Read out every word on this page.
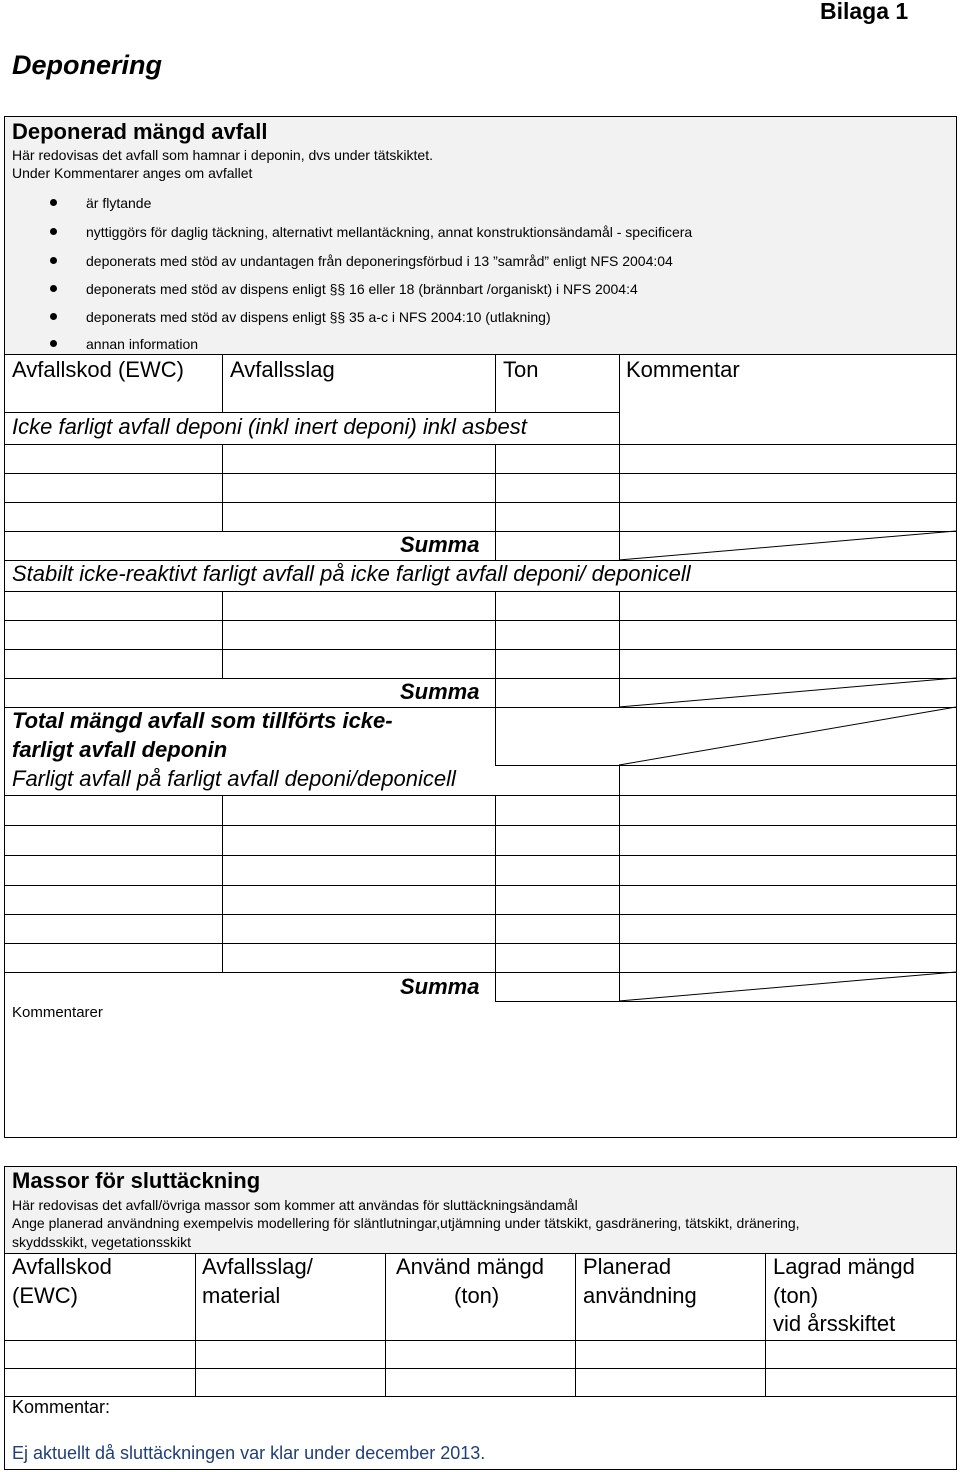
Bilaga 1
Deponering
Deponerad mängd avfall
Här redovisas det avfall som hamnar i deponin, dvs under tätskiktet.
Under Kommentarer anges om avfallet
är flytande
nyttiggörs för daglig täckning, alternativt mellantäckning, annat konstruktionsändamål - specificera
deponerats med stöd av undantagen från deponeringsförbud i 13 ”samråd” enligt NFS 2004:04
deponerats med stöd av dispens enligt §§ 16 eller 18 (brännbart /organiskt) i NFS 2004:4
deponerats med stöd av dispens enligt §§ 35 a-c i NFS 2004:10 (utlakning)
annan information
Avfallskod (EWC) Avfallsslag	Ton	Kommentar
Icke farligt avfall deponi (inkl inert deponi) inkl asbest
Summa
Stabilt icke-reaktivt farligt avfall på icke farligt avfall deponi/ deponicell
Summa
Total mängd avfall som tillförts icke-
farligt avfall deponin
Farligt avfall på farligt avfall deponi/deponicell
Summa
Kommentarer
Massor för sluttäckning
Här redovisas det avfall/övriga massor som kommer att användas för sluttäckningsändamål
Ange planerad användning exempelvis modellering för släntlutningar,utjämning under tätskikt, gasdränering, tätskikt, dränering,
skyddsskikt, vegetationsskikt
Avfallskod
(EWC)
Avfallsslag/
material
Använd mängd
(ton)
Planerad
användning
Lagrad mängd
(ton)
vid årsskiftet
Kommentar:
Ej aktuellt då sluttäckningen var klar under december 2013.
